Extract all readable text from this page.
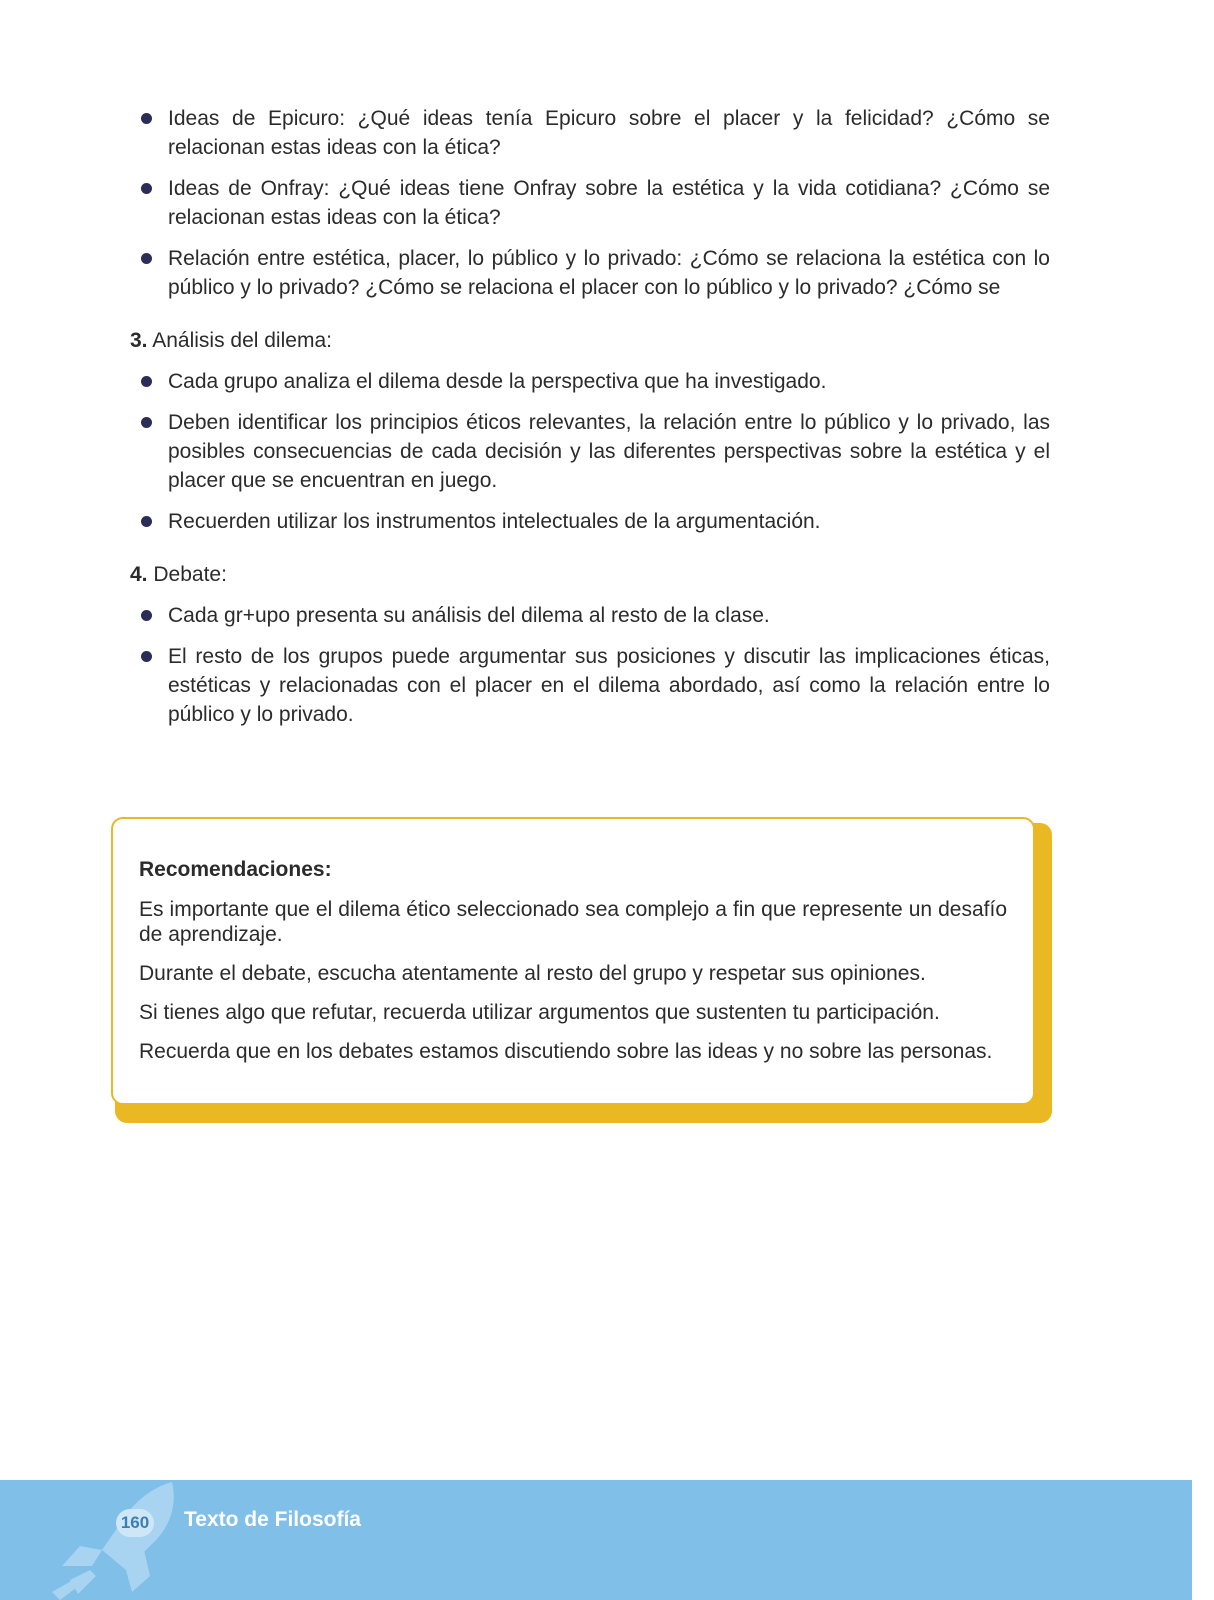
Ideas de Epicuro: ¿Qué ideas tenía Epicuro sobre el placer y la felicidad? ¿Cómo se relacionan estas ideas con la ética?
Ideas de Onfray: ¿Qué ideas tiene Onfray sobre la estética y la vida cotidiana? ¿Cómo se relacionan estas ideas con la ética?
Relación entre estética, placer, lo público y lo privado: ¿Cómo se relaciona la estética con lo público y lo privado? ¿Cómo se relaciona el placer con lo público y lo privado? ¿Cómo se
3. Análisis del dilema:
Cada grupo analiza el dilema desde la perspectiva que ha investigado.
Deben identificar los principios éticos relevantes, la relación entre lo público y lo privado, las posibles consecuencias de cada decisión y las diferentes perspectivas sobre la estética y el placer que se encuentran en juego.
Recuerden utilizar los instrumentos intelectuales de la argumentación.
4. Debate:
Cada gr+upo presenta su análisis del dilema al resto de la clase.
El resto de los grupos puede argumentar sus posiciones y discutir las implicaciones éticas, estéticas y relacionadas con el placer en el dilema abordado, así como la relación entre lo público y lo privado.
Recomendaciones:

Es importante que el dilema ético seleccionado sea complejo a fin que represente un desafío de aprendizaje.

Durante el debate, escucha atentamente al resto del grupo y respetar sus opiniones.

Si tienes algo que refutar, recuerda utilizar argumentos que sustenten tu participación.

Recuerda que en los debates estamos discutiendo sobre las ideas y no sobre las personas.

160 Texto de Filosofía
